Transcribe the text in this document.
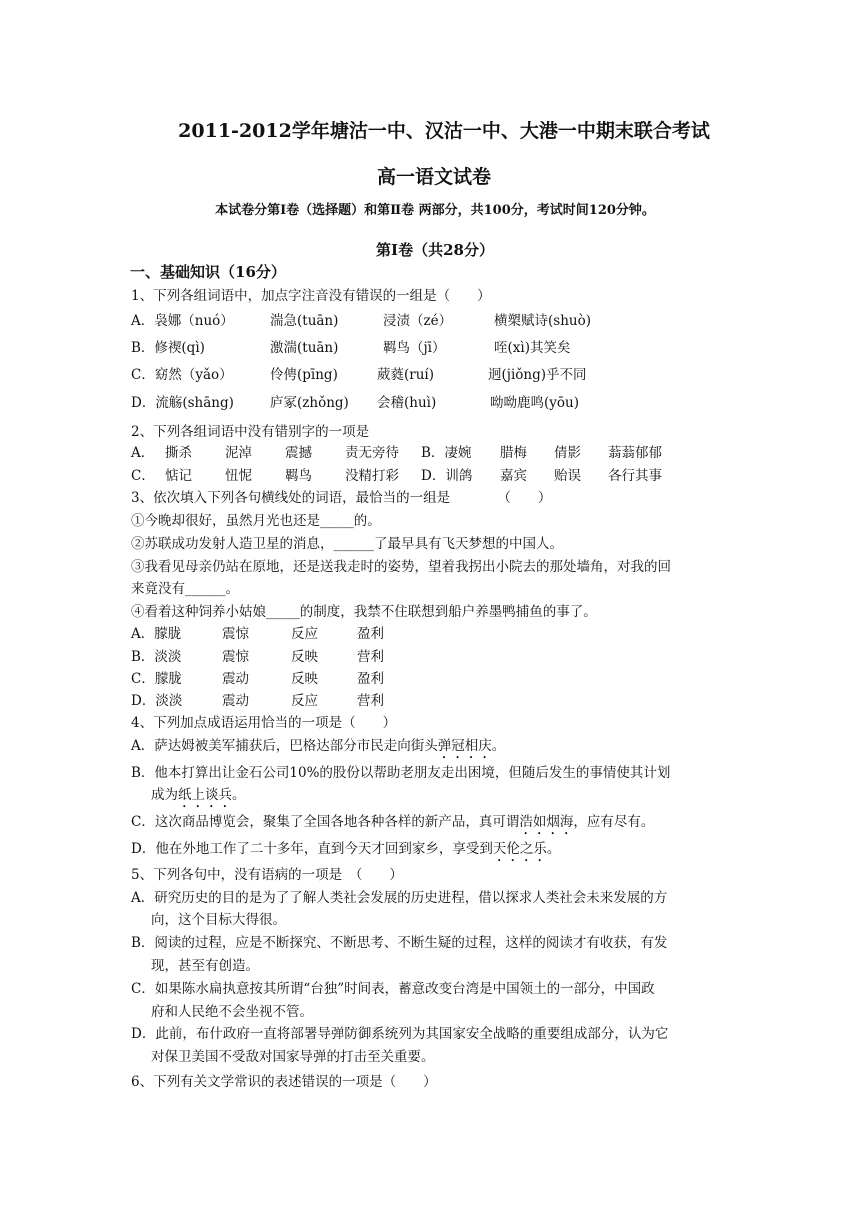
2011-2012学年塘沽一中、汉沽一中、大港一中期末联合考试
高一语文试卷
本试卷分第Ⅰ卷（选择题）和第Ⅱ卷 两部分，共100分，考试时间120分钟。
第Ⅰ卷（共28分）
一、基础知识（16分）
1、下列各组词语中，加点字注音没有错误的一组是（　　）
A．袅娜（nuó）	湍急(tuān)	浸渍（zé）	横槊赋诗(shuò)
B．修禊(qì)	激湍(tuān)	羁鸟（jī）	咥(xì)其笑矣
C．窈然（yǎo）	伶俜(pīng)	葳蕤(ruí)	迥(jiǒng)乎不同
D．流觞(shāng)	庐冢(zhǒng) 会稽(huì)	呦呦鹿鸣(yōu)
2、下列各组词语中没有错别字的一项是
A． 撕杀 泥淖 震撼 责无旁待 B．凄婉 腊梅 倩影 蓊蓊郁郁
C． 惦记 忸怩 羁鸟 没精打彩 D．训鸽 嘉宾 贻误 各行其事
3、依次填入下列各句横线处的词语，最恰当的一组是　　　　（　　）
①今晚却很好，虽然月光也还是_____的。
②苏联成功发射人造卫星的消息，______了最早具有飞天梦想的中国人。
③我看见母亲仍站在原地，还是送我走时的姿势，望着我拐出小院去的那处墙角，对我的回
来竟没有______。
④看着这种饲养小姑娘_____的制度，我禁不住联想到船户养墨鸭捕鱼的事了。
A．朦胧	震惊	反应	盈利
B．淡淡	震惊	反映	营利
C．朦胧	震动	反映	盈利
D．淡淡	震动	反应	营利
4、下列加点成语运用恰当的一项是（　　）
A．萨达姆被美军捕获后，巴格达部分市民走向街头弹冠相庆。
B．他本打算出让金石公司10%的股份以帮助老朋友走出困境，但随后发生的事情使其计划
成为纸上谈兵。
C．这次商品博览会，聚集了全国各地各种各样的新产品，真可谓浩如烟海，应有尽有。
D．他在外地工作了二十多年，直到今天才回到家乡，享受到天伦之乐。
5、下列各句中，没有语病的一项是　（　　）
A．研究历史的目的是为了了解人类社会发展的历史进程，借以探求人类社会未来发展的方
向，这个目标大得很。
B．阅读的过程，应是不断探究、不断思考、不断生疑的过程，这样的阅读才有收获，有发
现，甚至有创造。
C．如果陈水扁执意按其所谓“台独”时间表，蓄意改变台湾是中国领土的一部分，中国政
府和人民绝不会坐视不管。
D．此前，布什政府一直将部署导弹防御系统列为其国家安全战略的重要组成部分，认为它
对保卫美国不受敌对国家导弹的打击至关重要。
6、下列有关文学常识的表述错误的一项是（　　）
